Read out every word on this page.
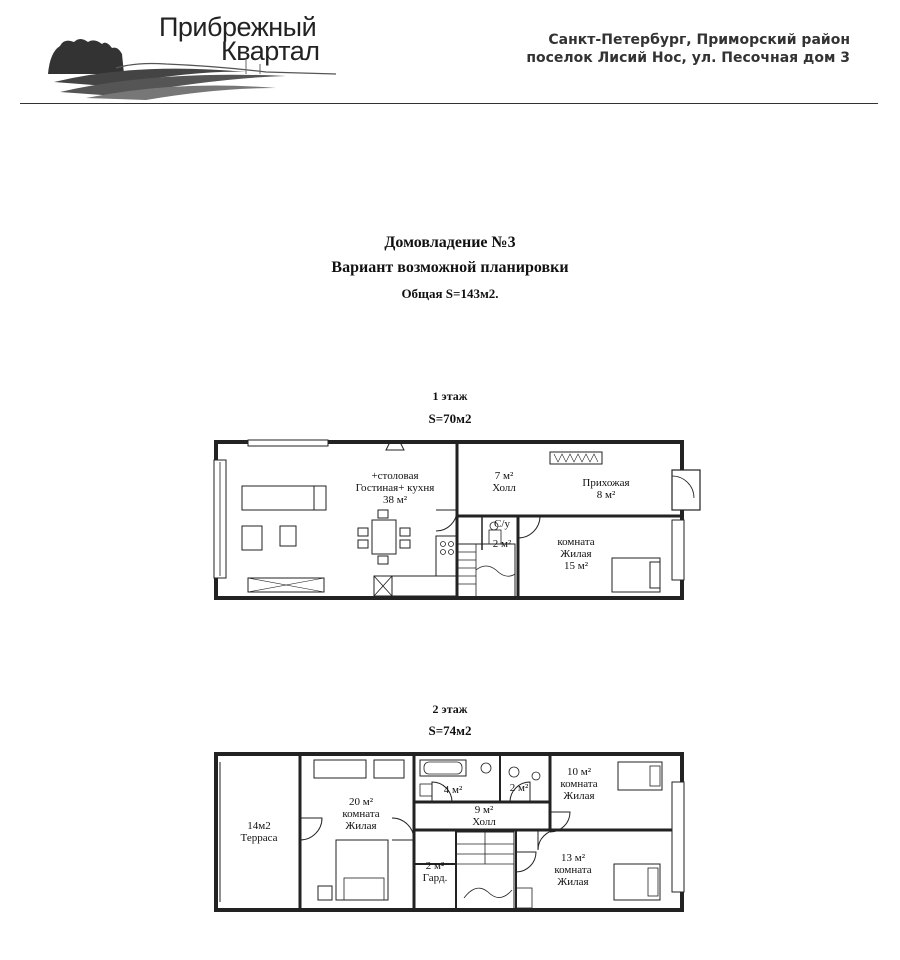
Прибрежный
Квартал	Санкт-Петербург, Приморский район
поселок Лисий Нос, ул. Песочная дом 3
Домовладение №3
Вариант возможной планировки
Общая S=143м2.
1 этаж
S=70м2
+столовая
Гостиная+ кухня
38 м²
7 м²
Холл	Прихожая
8 м²
С/у
2 м²	комната
Жилая
15 м²
2 этаж
S=74м2
14м2
Терраса
20 м²
комната
Жилая
4 м²	2 м²
9 м²
Холл
2 м²
Гард.
10 м²
комната
Жилая
13 м²
комната
Жилая
